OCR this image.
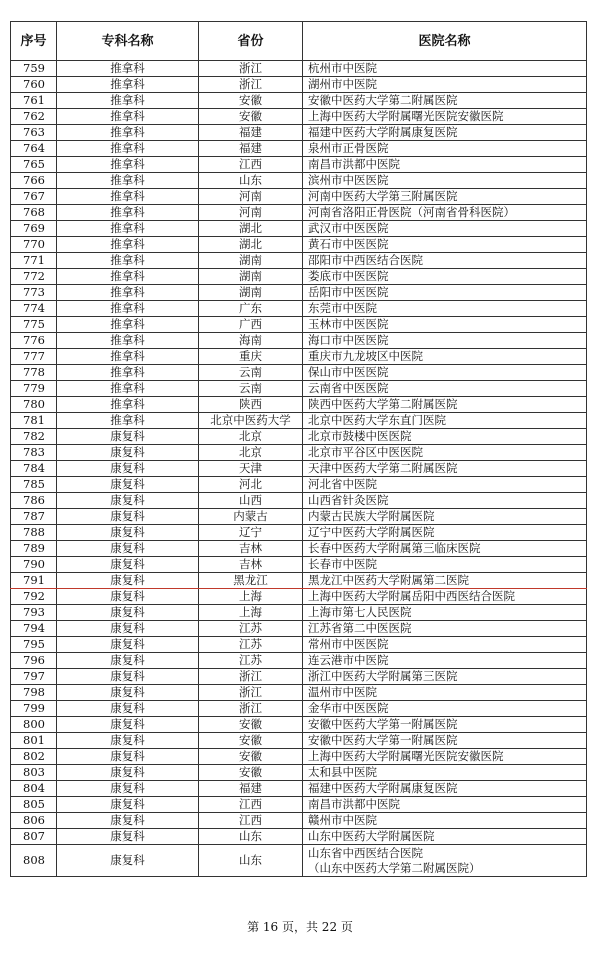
序号	专科名称	省份	医院名称
759	推拿科	浙江	杭州市中医院
760	推拿科	浙江	湖州市中医院
761	推拿科	安徽	安徽中医药大学第二附属医院
762	推拿科	安徽	上海中医药大学附属曙光医院安徽医院
763	推拿科	福建	福建中医药大学附属康复医院
764	推拿科	福建	泉州市正骨医院
765	推拿科	江西	南昌市洪都中医院
766	推拿科	山东	滨州市中医医院
767	推拿科	河南	河南中医药大学第三附属医院
768	推拿科	河南	河南省洛阳正骨医院（河南省骨科医院）
769	推拿科	湖北	武汉市中医医院
770	推拿科	湖北	黄石市中医医院
771	推拿科	湖南	邵阳市中西医结合医院
772	推拿科	湖南	娄底市中医医院
773	推拿科	湖南	岳阳市中医医院
774	推拿科	广东	东莞市中医院
775	推拿科	广西	玉林市中医医院
776	推拿科	海南	海口市中医医院
777	推拿科	重庆	重庆市九龙坡区中医院
778	推拿科	云南	保山市中医医院
779	推拿科	云南	云南省中医医院
780	推拿科	陕西	陕西中医药大学第二附属医院
781	推拿科	北京中医药大学	北京中医药大学东直门医院
782	康复科	北京	北京市鼓楼中医医院
783	康复科	北京	北京市平谷区中医医院
784	康复科	天津	天津中医药大学第二附属医院
785	康复科	河北	河北省中医院
786	康复科	山西	山西省针灸医院
787	康复科	内蒙古	内蒙古民族大学附属医院
788	康复科	辽宁	辽宁中医药大学附属医院
789	康复科	吉林	长春中医药大学附属第三临床医院
790	康复科	吉林	长春市中医院
791	康复科	黑龙江	黑龙江中医药大学附属第二医院
792	康复科	上海	上海中医药大学附属岳阳中西医结合医院
793	康复科	上海	上海市第七人民医院
794	康复科	江苏	江苏省第二中医医院
795	康复科	江苏	常州市中医医院
796	康复科	江苏	连云港市中医院
797	康复科	浙江	浙江中医药大学附属第三医院
798	康复科	浙江	温州市中医院
799	康复科	浙江	金华市中医医院
800	康复科	安徽	安徽中医药大学第一附属医院
801	康复科	安徽	安徽中医药大学第一附属医院
802	康复科	安徽	上海中医药大学附属曙光医院安徽医院
803	康复科	安徽	太和县中医院
804	康复科	福建	福建中医药大学附属康复医院
805	康复科	江西	南昌市洪都中医院
806	康复科	江西	赣州市中医院
807	康复科	山东	山东中医药大学附属医院
808	康复科	山东	山东省中西医结合医院
（山东中医药大学第二附属医院）
第 16 页，共 22 页
